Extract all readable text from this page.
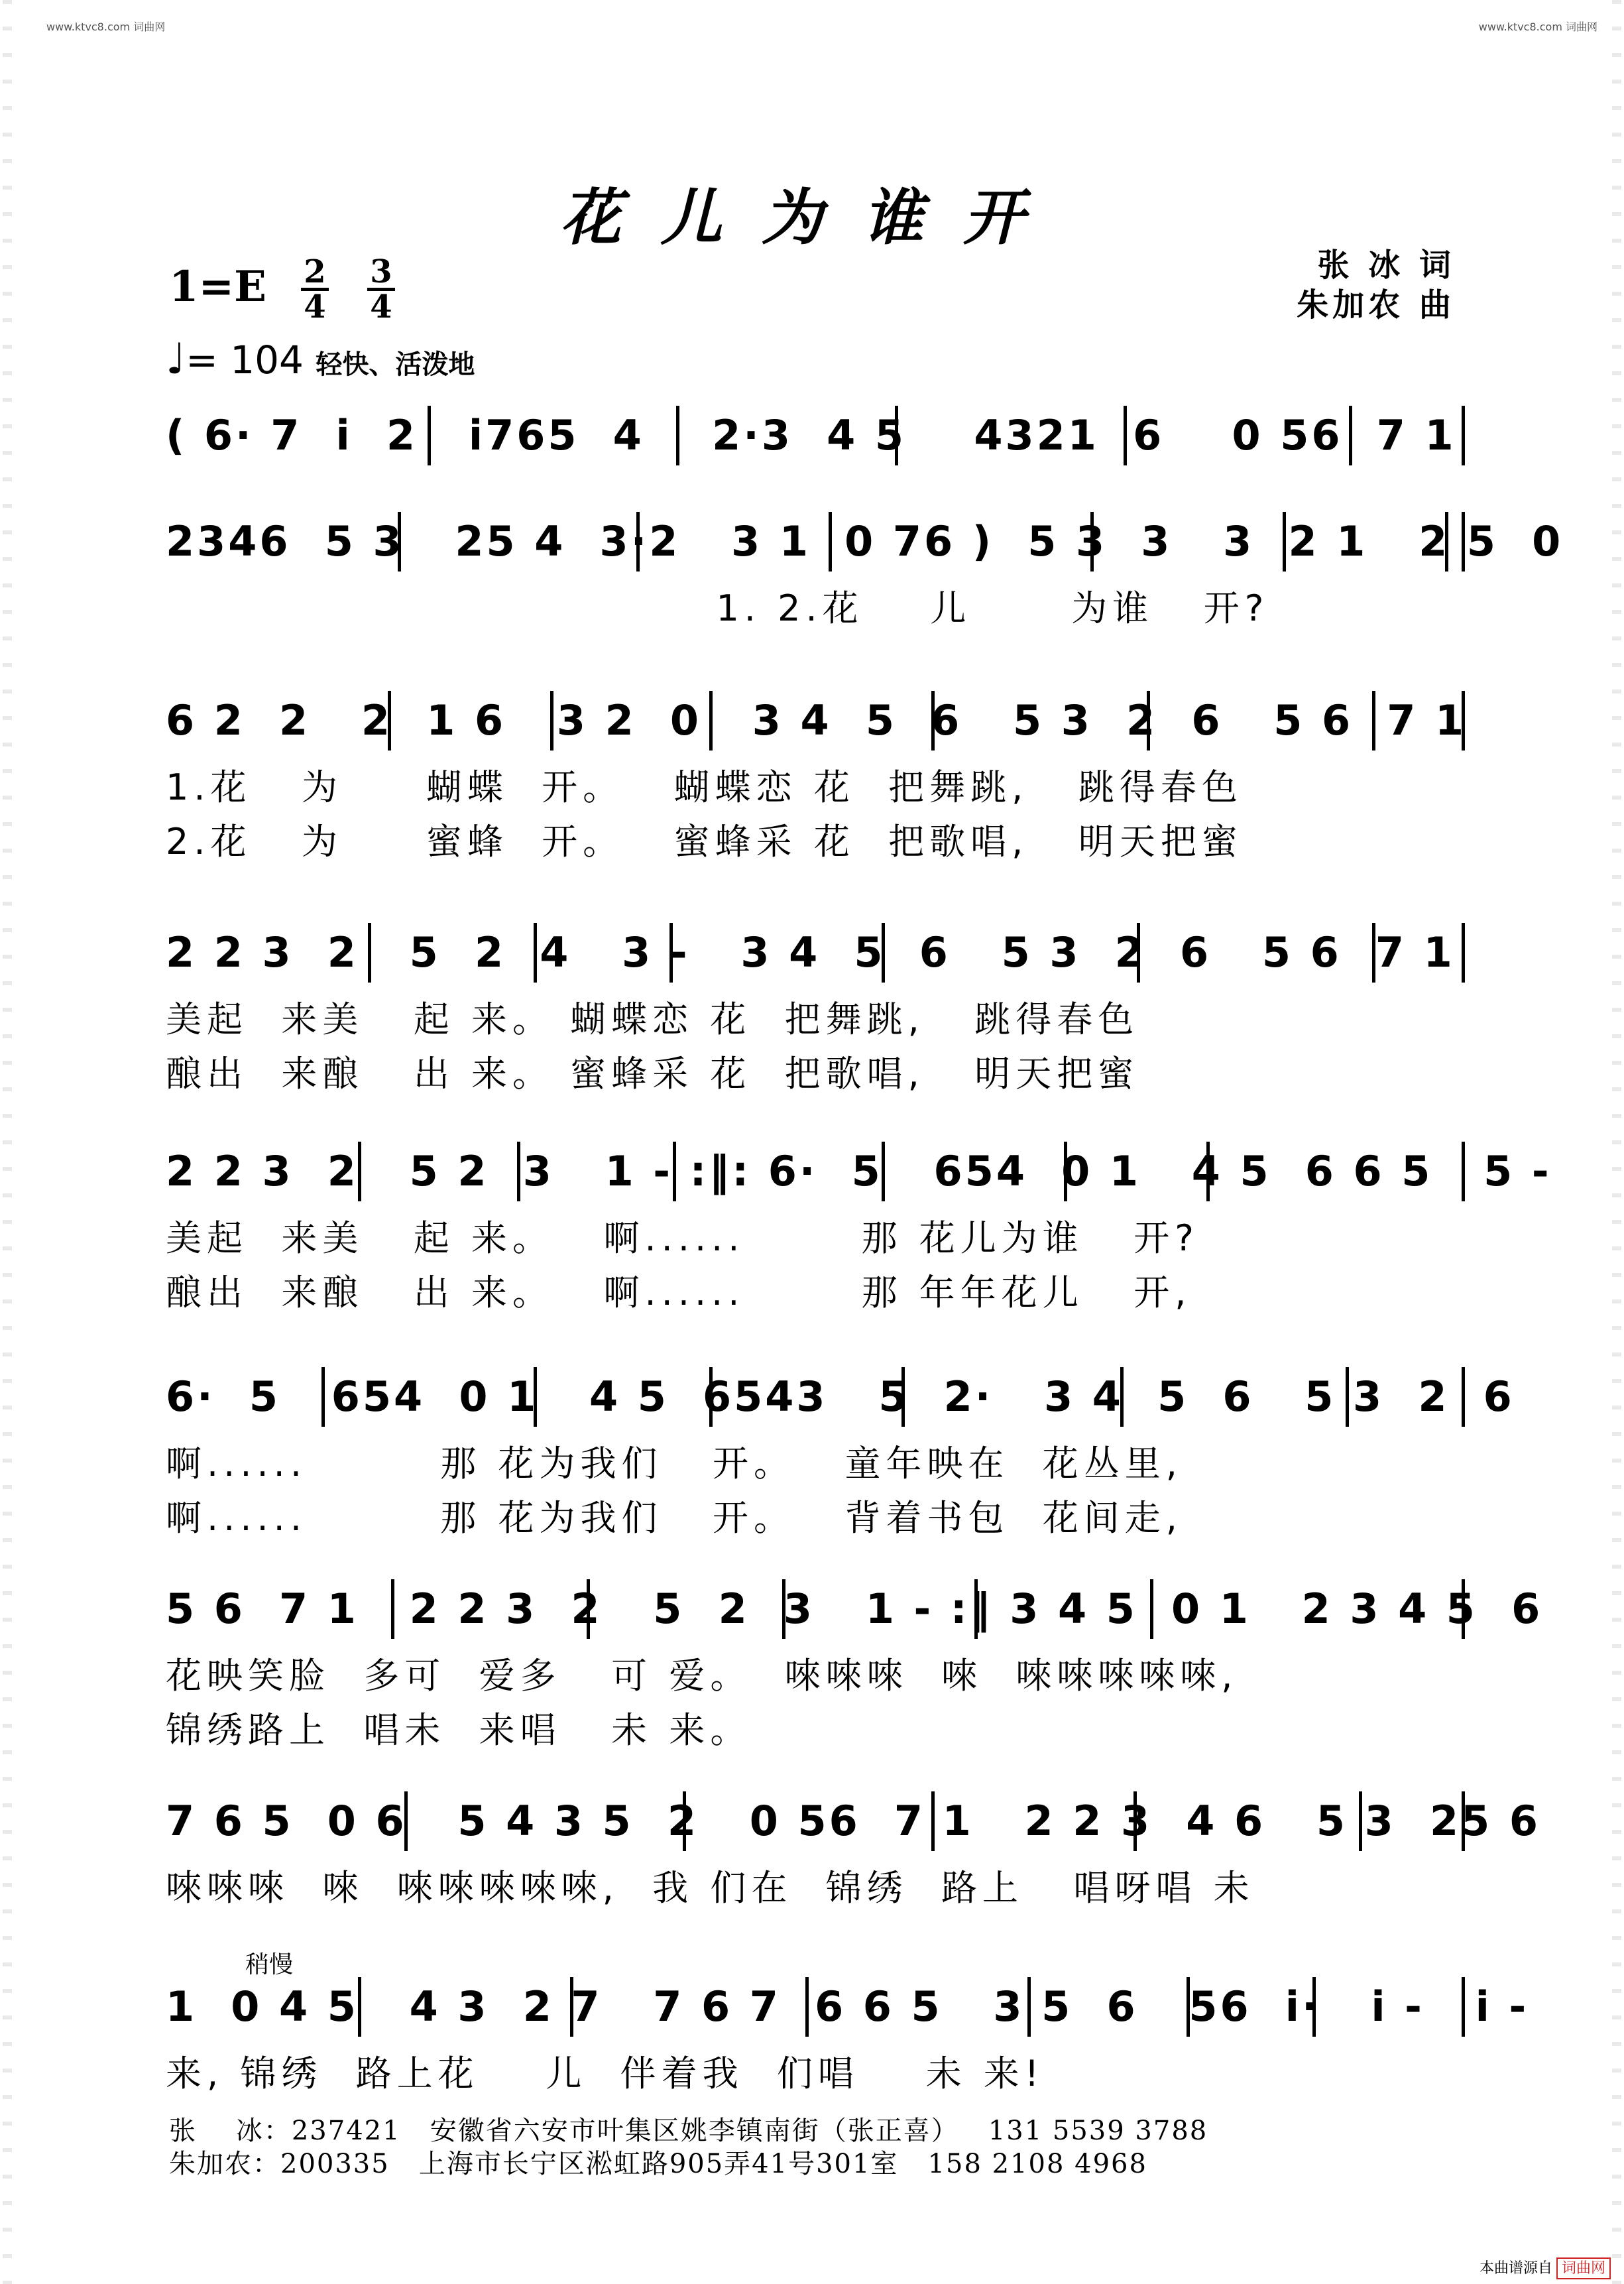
www.ktvc8.com 词曲网	www.ktvc8.com 词曲网
花儿为谁开
张 冰 词
朱加农 曲
1=E 2
4
3
4
♩= 104 轻快、活泼地
( 6· 7  i  2   i765  4    2·3  4 5    4321  6    0 56  7 1
2346  5 3   25 4  3·2   3 1  0 76 )  5 3  3   3  2 1   2 5  0
1. 2.花    儿      为谁   开?
6 2  2   2  1 6   3 2  0   3 4  5  6   5 3  2  6   5 6  7 1
1.花   为     蝴蝶  开。   蝴蝶恋 花  把舞跳,   跳得春色
2.花   为     蜜蜂  开。   蜜蜂采 花  把歌唱,   明天把蜜
2 2 3  2   5  2  4   3 -   3 4  5  6   5 3  2  6   5 6  7 1
美起  来美   起 来。 蝴蝶恋 花  把舞跳,   跳得春色
酿出  来酿   出 来。 蜜蜂采 花  把歌唱,   明天把蜜
2 2 3  2   5 2  3   1 - :‖: 6·  5   654  0 1   4 5  6 6 5   5 -
美起  来美   起 来。   啊......       那 花儿为谁   开?
酿出  来酿   出 来。   啊......       那 年年花儿   开,
6·  5   654  0 1   4 5  6543   5  2·   3 4  5  6   5 3  2  6
啊......        那 花为我们   开。   童年映在  花丛里,
啊......        那 花为我们   开。   背着书包  花间走,
5 6  7 1   2 2 3  2   5  2  3   1 - :‖ 3 4 5  0 1   2 3 4 5  6
花映笑脸  多可  爱多   可 爱。  唻唻唻  唻  唻唻唻唻唻,
锦绣路上  唱未  来唱   未 来。
7 6 5  0 6   5 4 3 5  2   0 56  7 1   2 2 3  4 6   5 3  25 6
唻唻唻  唻  唻唻唻唻唻,  我 们在  锦绣  路上   唱呀唱 未
1  0 4 5   4 3  2 7   7 6 7  6 6 5   3 5  6   56  i·   i -   i -
来, 锦绣  路上花    儿  伴着我  们唱    未 来!
稍慢
张    冰：237421   安徽省六安市叶集区姚李镇南街（张正喜）   131 5539 3788
朱加农：200335   上海市长宁区淞虹路905弄41号301室   158 2108 4968
本曲谱源自 词曲网
